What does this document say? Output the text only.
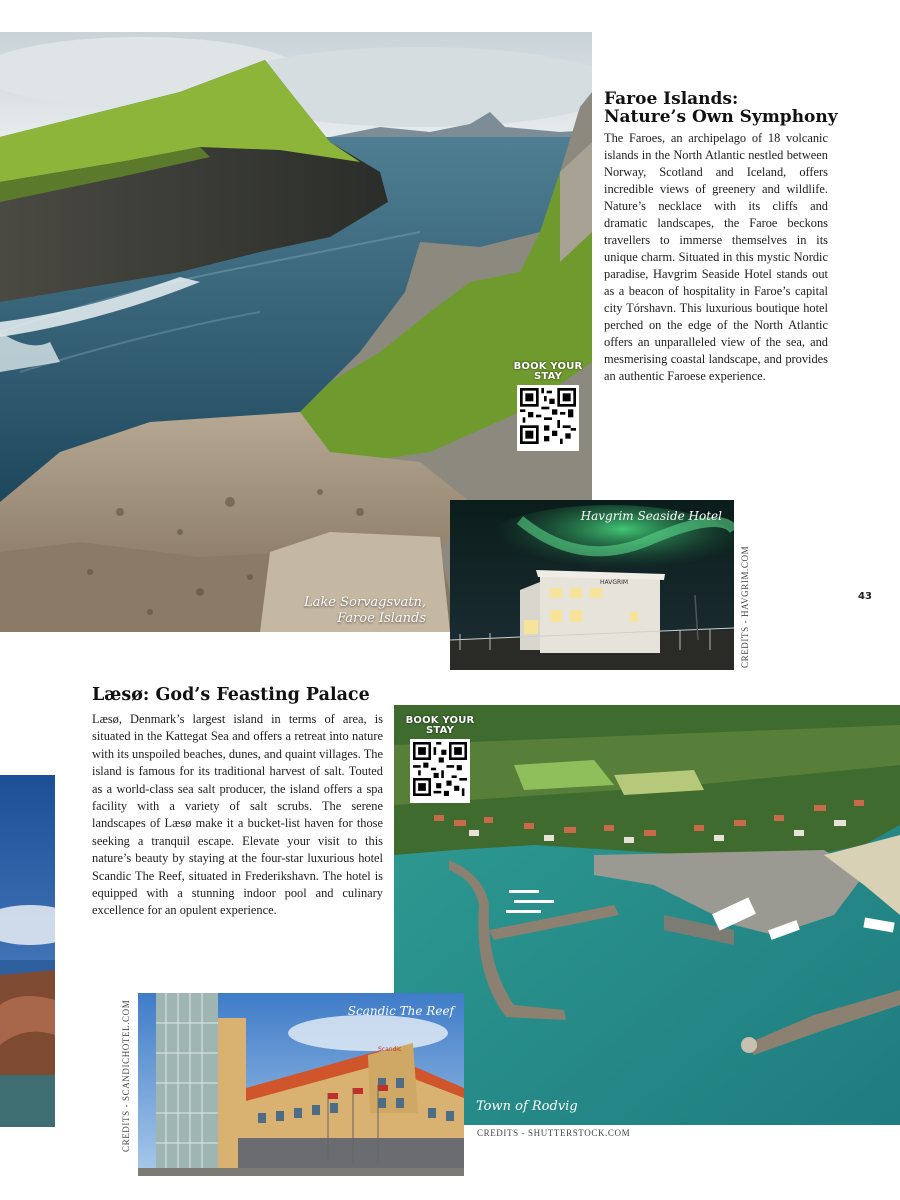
Lake Sorvagsvatn,
Faroe Islands
BOOK YOUR
STAY
Faroe Islands:
Nature’s Own Symphony
The Faroes, an archipelago of 18 volcanic islands in the North Atlantic nestled between Norway, Scotland and Iceland, offers incredible views of greenery and wildlife. Nature’s necklace with its cliffs and dramatic landscapes, the Faroe beckons travellers to immerse themselves in its unique charm. Situated in this mystic Nordic paradise, Havgrim Seaside Hotel stands out as a beacon of hospitality in Faroe’s capital city Tórshavn. This luxurious boutique hotel perched on the edge of the North Atlantic offers an unparalleled view of the sea, and mesmerising coastal landscape, and provides an authentic Faroese experience.
HAVGRIM
Havgrim Seaside Hotel
CREDITS - HAVGRIM.COM	43
Læsø: God’s Feasting Palace
Læsø, Denmark’s largest island in terms of area, is situated in the Kattegat Sea and offers a retreat into nature with its unspoiled beaches, dunes, and quaint villages. The island is famous for its traditional harvest of salt. Touted as a world-class sea salt producer, the island offers a spa facility with a variety of salt scrubs. The serene landscapes of Læsø make it a bucket-list haven for those seeking a tranquil escape. Elevate your visit to this nature’s beauty by staying at the four-star luxurious hotel Scandic The Reef, situated in Frederikshavn. The hotel is equipped with a stunning indoor pool and culinary excellence for an opulent experience.
Town of Rodvig
BOOK YOUR
STAY
CREDITS - SHUTTERSTOCK.COM
Scandic
Scandic The Reef
CREDITS - SCANDICHOTEL.COM
